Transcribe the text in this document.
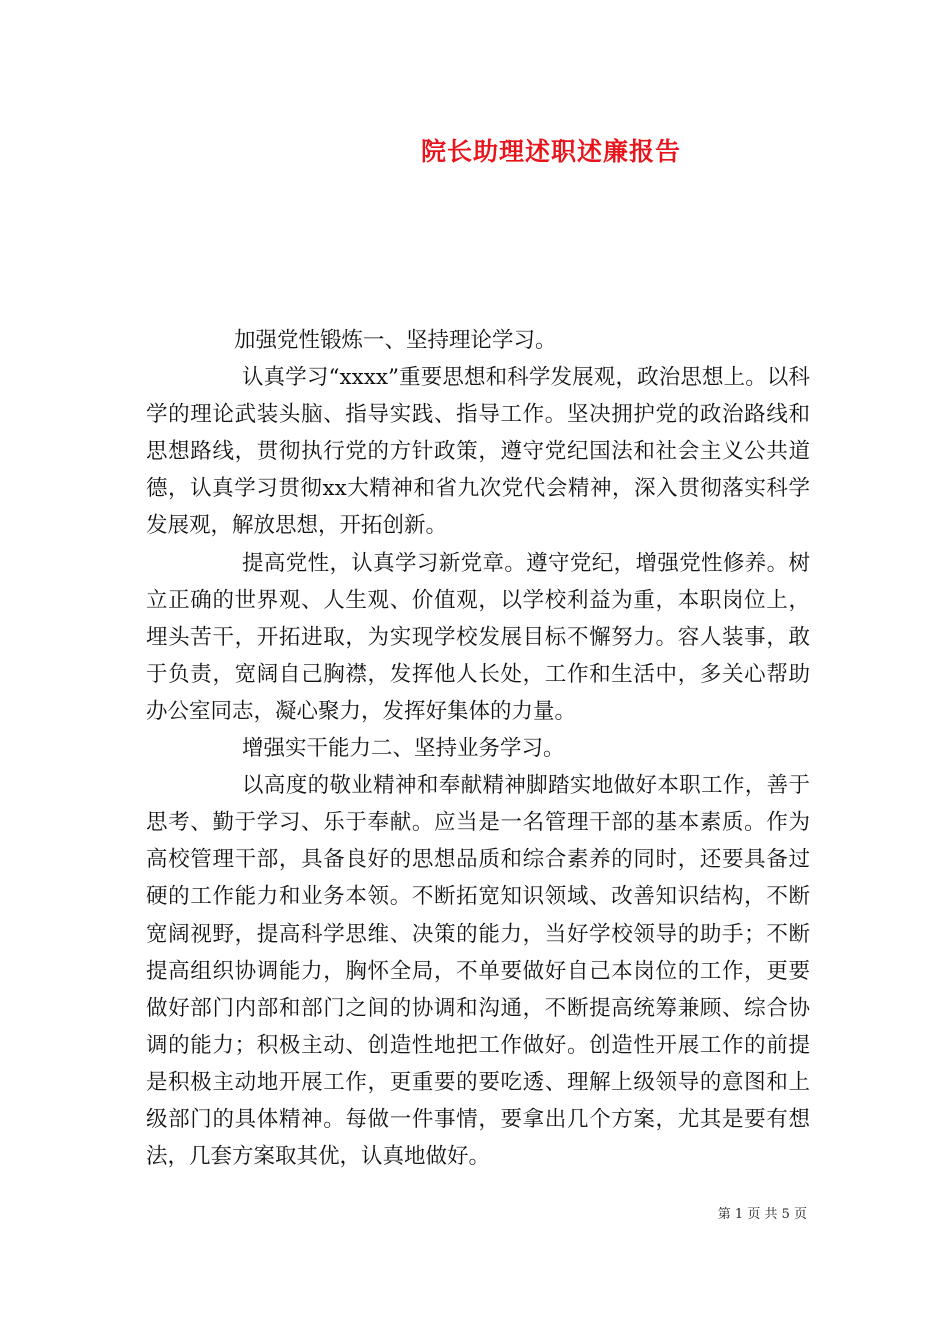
院长助理述职述廉报告

加强党性锻炼一、坚持理论学习。

认真学习“xxxx”重要思想和科学发展观，政治思想上。以科学的理论武装头脑、指导实践、指导工作。坚决拥护党的政治路线和思想路线，贯彻执行党的方针政策，遵守党纪国法和社会主义公共道德，认真学习贯彻xx大精神和省九次党代会精神，深入贯彻落实科学发展观，解放思想，开拓创新。

提高党性，认真学习新党章。遵守党纪，增强党性修养。树立正确的世界观、人生观、价值观，以学校利益为重，本职岗位上，埋头苦干，开拓进取，为实现学校发展目标不懈努力。容人装事，敢于负责，宽阔自己胸襟，发挥他人长处，工作和生活中，多关心帮助办公室同志，凝心聚力，发挥好集体的力量。

增强实干能力二、坚持业务学习。

以高度的敬业精神和奉献精神脚踏实地做好本职工作，善于思考、勤于学习、乐于奉献。应当是一名管理干部的基本素质。作为高校管理干部，具备良好的思想品质和综合素养的同时，还要具备过硬的工作能力和业务本领。不断拓宽知识领域、改善知识结构，不断宽阔视野，提高科学思维、决策的能力，当好学校领导的助手；不断提高组织协调能力，胸怀全局，不单要做好自己本岗位的工作，更要做好部门内部和部门之间的协调和沟通，不断提高统筹兼顾、综合协调的能力；积极主动、创造性地把工作做好。创造性开展工作的前提是积极主动地开展工作，更重要的要吃透、理解上级领导的意图和上级部门的具体精神。每做一件事情，要拿出几个方案，尤其是要有想法，几套方案取其优，认真地做好。

第 1 页 共 5 页
